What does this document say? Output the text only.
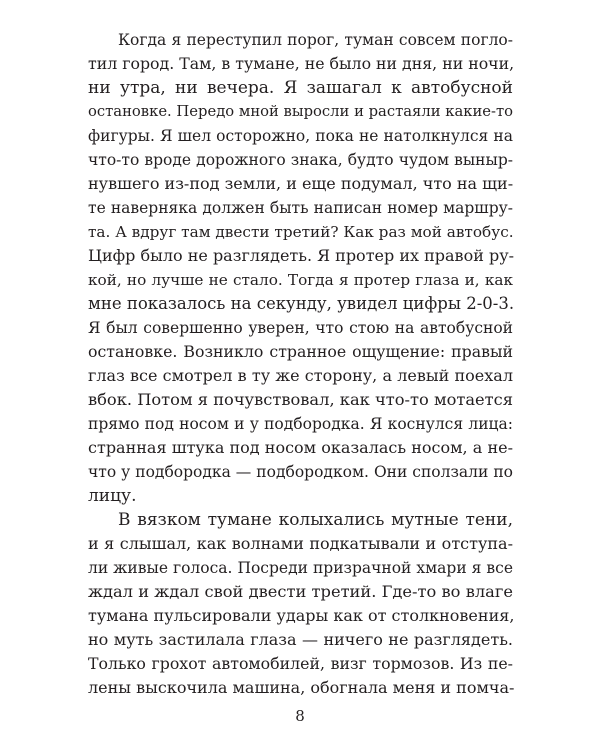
Когда я переступил порог, туман совсем погло-
тил город. Там, в тумане, не было ни дня, ни ночи,
ни утра, ни вечера. Я зашагал к автобусной
остановке. Передо мной выросли и растаяли какие-то
фигуры. Я шел осторожно, пока не натолкнулся на
что-то вроде дорожного знака, будто чудом выныр-
нувшего из-под земли, и еще подумал, что на щи-
те наверняка должен быть написан номер маршру-
та. А вдруг там двести третий? Как раз мой автобус.
Цифр было не разглядеть. Я протер их правой ру-
кой, но лучше не стало. Тогда я протер глаза и, как
мне показалось на секунду, увидел цифры 2-0-3.
Я был совершенно уверен, что стою на автобусной
остановке. Возникло странное ощущение: правый
глаз все смотрел в ту же сторону, а левый поехал
вбок. Потом я почувствовал, как что-то мотается
прямо под носом и у подбородка. Я коснулся лица:
странная штука под носом оказалась носом, а не-
что у подбородка — подбородком. Они сползали по
лицу.
В вязком тумане колыхались мутные тени,
и я слышал, как волнами подкатывали и отступа-
ли живые голоса. Посреди призрачной хмари я все
ждал и ждал свой двести третий. Где-то во влаге
тумана пульсировали удары как от столкновения,
но муть застилала глаза — ничего не разглядеть.
Только грохот автомобилей, визг тормозов. Из пе-
лены выскочила машина, обогнала меня и помча-
8
